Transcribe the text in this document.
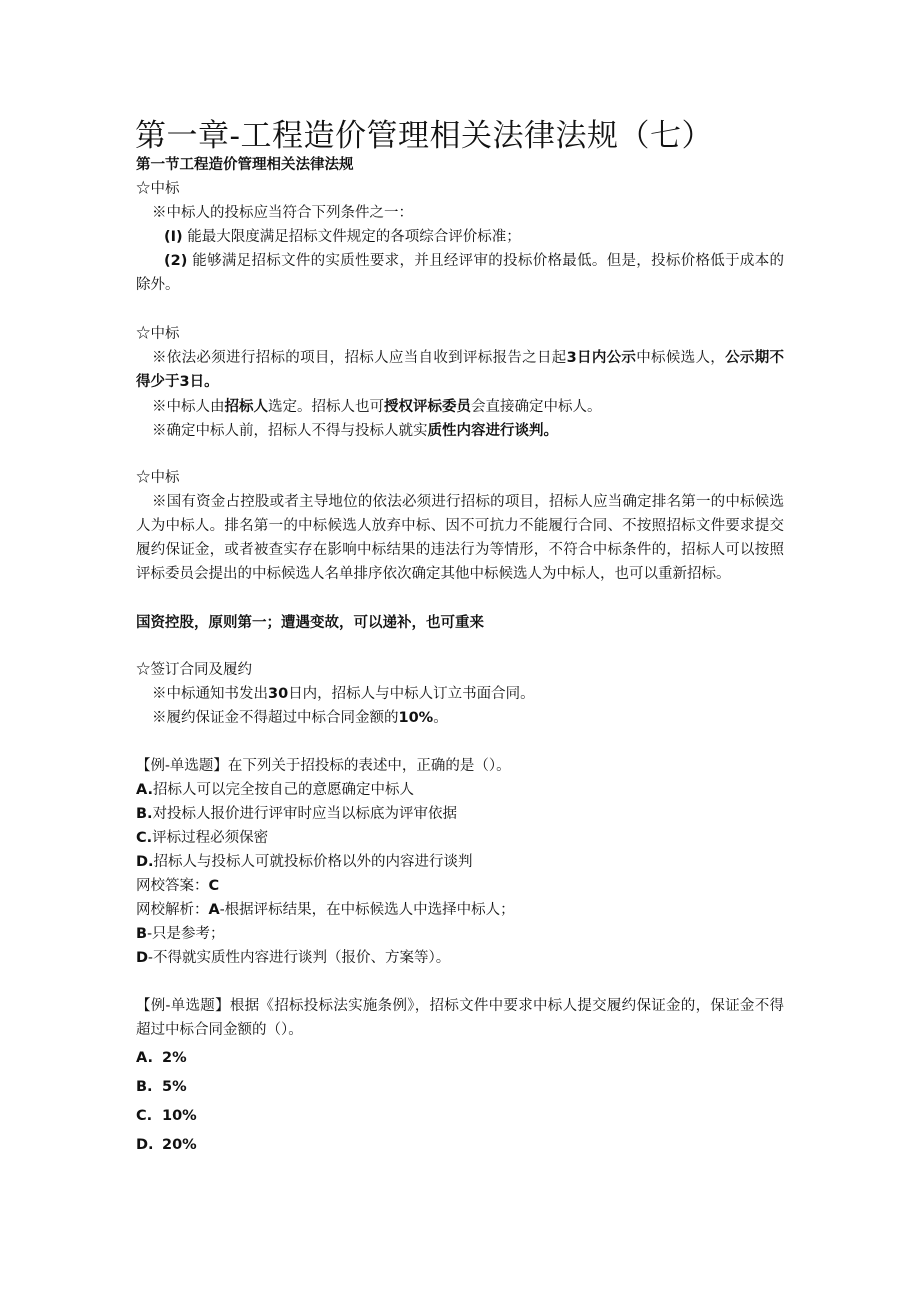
第一章-工程造价管理相关法律法规（七）
第一节工程造价管理相关法律法规
☆中标
※中标人的投标应当符合下列条件之一：
(I) 能最大限度满足招标文件规定的各项综合评价标准；

(2) 能够满足招标文件的实质性要求，并且经评审的投标价格最低。但是，投标价格低于成本的除外。

☆中标

※依法必须进行招标的项目，招标人应当自收到评标报告之日起3日内公示中标候选人，公示期不得少于3日。

※中标人由招标人选定。招标人也可授权评标委员会直接确定中标人。
※确定中标人前，招标人不得与投标人就实质性内容进行谈判。
☆中标

※国有资金占控股或者主导地位的依法必须进行招标的项目，招标人应当确定排名第一的中标候选人为中标人。排名第一的中标候选人放弃中标、因不可抗力不能履行合同、不按照招标文件要求提交履约保证金，或者被查实存在影响中标结果的违法行为等情形，不符合中标条件的，招标人可以按照评标委员会提出的中标候选人名单排序依次确定其他中标候选人为中标人，也可以重新招标。

国资控股，原则第一；遭遇变故，可以递补，也可重来
☆签订合同及履约
※中标通知书发出30日内，招标人与中标人订立书面合同。
※履约保证金不得超过中标合同金额的10%。
【例-单选题】在下列关于招投标的表述中，正确的是（）。
A.招标人可以完全按自己的意愿确定中标人
B.对投标人报价进行评审时应当以标底为评审依据
C.评标过程必须保密
D.招标人与投标人可就投标价格以外的内容进行谈判
网校答案：C
网校解析：A-根据评标结果，在中标候选人中选择中标人；
B-只是参考；
D-不得就实质性内容进行谈判（报价、方案等）。

【例-单选题】根据《招标投标法实施条例》，招标文件中要求中标人提交履约保证金的，保证金不得超过中标合同金额的（）。

A. 2%
B. 5%
C. 10%
D. 20%
